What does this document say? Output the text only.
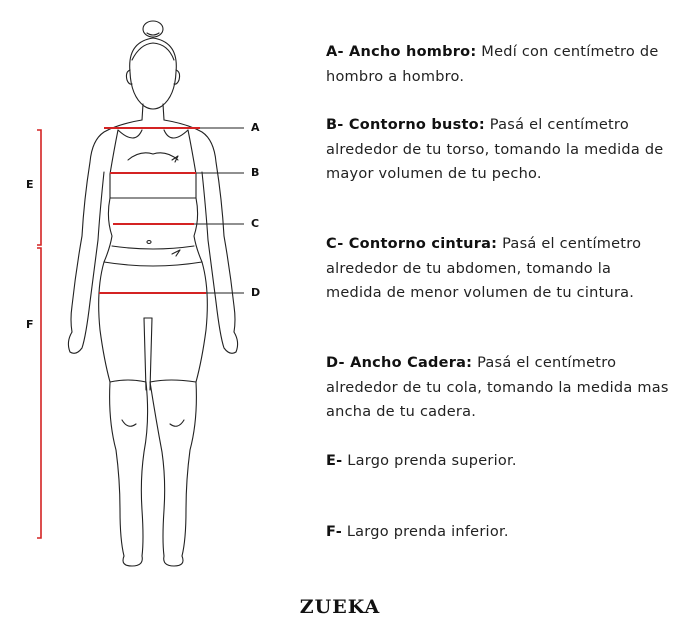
A
B
C
D
E
F
A- Ancho hombro: Medí con centímetro de hombro a hombro.
B- Contorno busto: Pasá el centímetro alrededor de tu torso, tomando la medida de mayor volumen de tu pecho.
C- Contorno cintura: Pasá el centímetro alrededor de tu abdomen, tomando la medida de menor volumen de tu cintura.
D- Ancho Cadera: Pasá el centímetro alrededor de tu cola, tomando la medida mas ancha de tu cadera.
E- Largo prenda superior.
F- Largo prenda inferior.
ZUEKA
